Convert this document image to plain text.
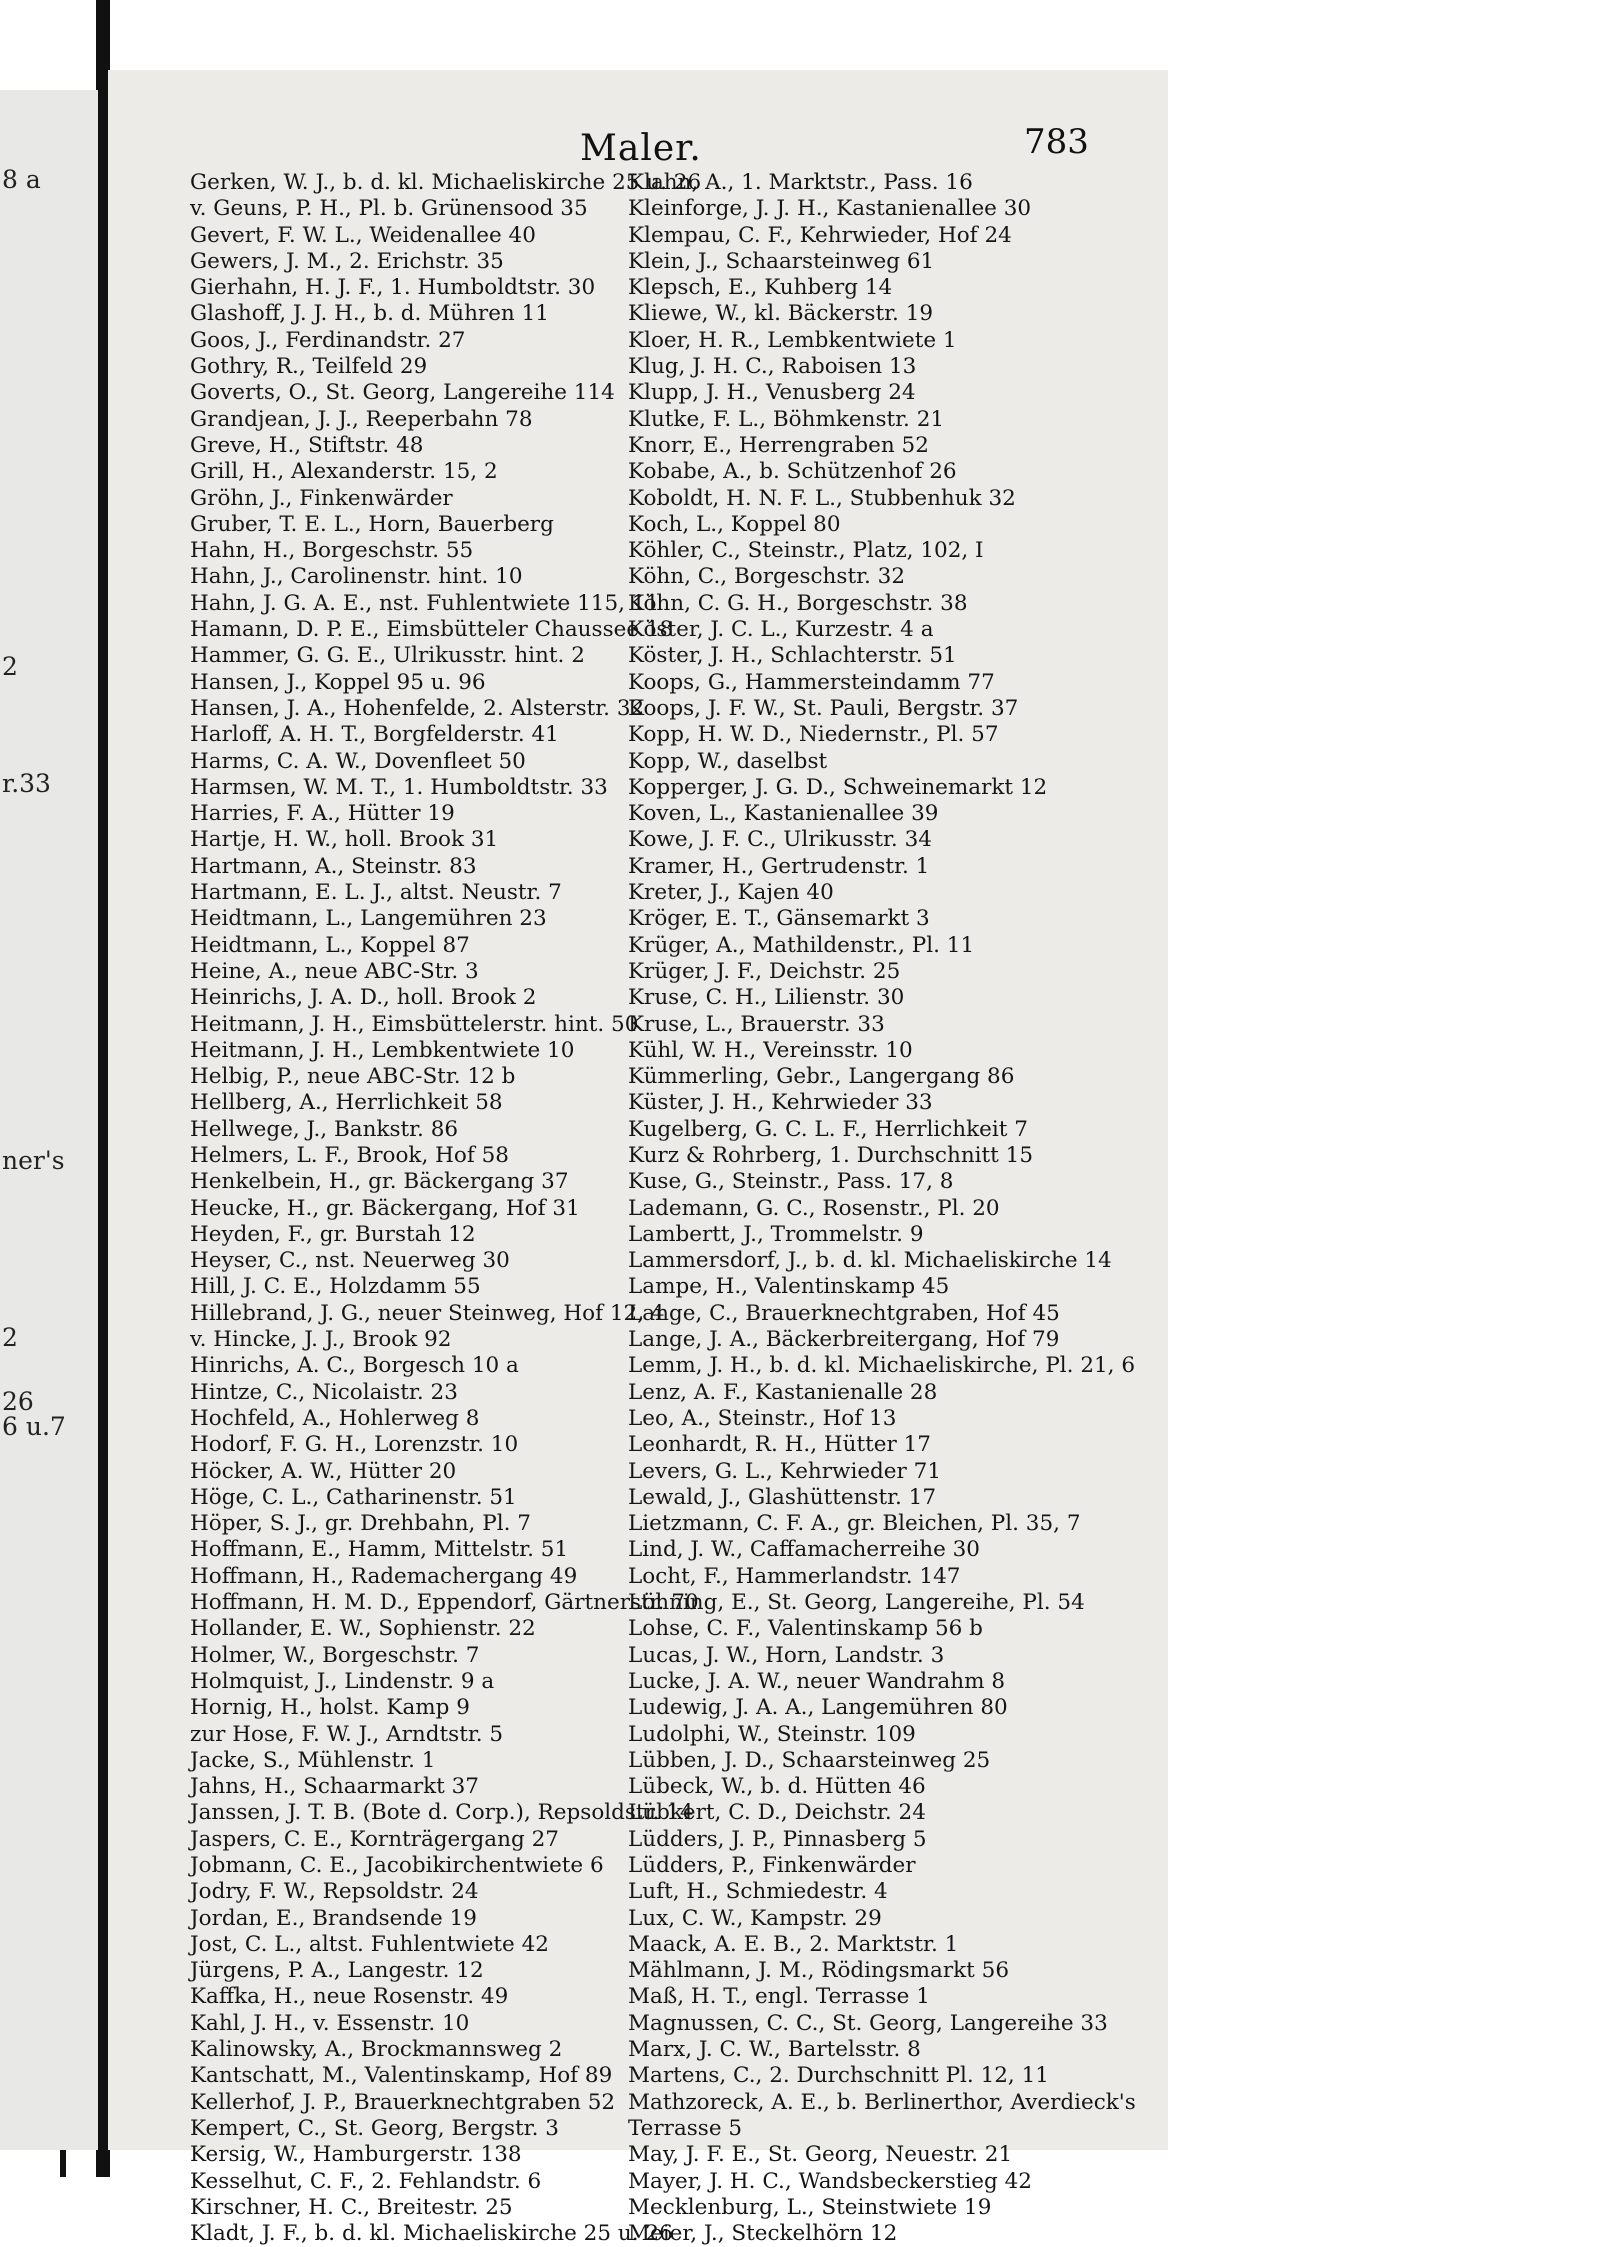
8 a
2
r.33
ner's
2
26
6 u.7
Maler.	783
Gerken, W. J., b. d. kl. Michaeliskirche 25 u. 26
v. Geuns, P. H., Pl. b. Grünensood 35
Gevert, F. W. L., Weidenallee 40
Gewers, J. M., 2. Erichstr. 35
Gierhahn, H. J. F., 1. Humboldtstr. 30
Glashoff, J. J. H., b. d. Mühren 11
Goos, J., Ferdinandstr. 27
Gothry, R., Teilfeld 29
Goverts, O., St. Georg, Langereihe 114
Grandjean, J. J., Reeperbahn 78
Greve, H., Stiftstr. 48
Grill, H., Alexanderstr. 15, 2
Gröhn, J., Finkenwärder
Gruber, T. E. L., Horn, Bauerberg
Hahn, H., Borgeschstr. 55
Hahn, J., Carolinenstr. hint. 10
Hahn, J. G. A. E., nst. Fuhlentwiete 115, 11
Hamann, D. P. E., Eimsbütteler Chaussee 18
Hammer, G. G. E., Ulrikusstr. hint. 2
Hansen, J., Koppel 95 u. 96
Hansen, J. A., Hohenfelde, 2. Alsterstr. 32
Harloff, A. H. T., Borgfelderstr. 41
Harms, C. A. W., Dovenfleet 50
Harmsen, W. M. T., 1. Humboldtstr. 33
Harries, F. A., Hütter 19
Hartje, H. W., holl. Brook 31
Hartmann, A., Steinstr. 83
Hartmann, E. L. J., altst. Neustr. 7
Heidtmann, L., Langemühren 23
Heidtmann, L., Koppel 87
Heine, A., neue ABC-Str. 3
Heinrichs, J. A. D., holl. Brook 2
Heitmann, J. H., Eimsbüttelerstr. hint. 50
Heitmann, J. H., Lembkentwiete 10
Helbig, P., neue ABC-Str. 12 b
Hellberg, A., Herrlichkeit 58
Hellwege, J., Bankstr. 86
Helmers, L. F., Brook, Hof 58
Henkelbein, H., gr. Bäckergang 37
Heucke, H., gr. Bäckergang, Hof 31
Heyden, F., gr. Burstah 12
Heyser, C., nst. Neuerweg 30
Hill, J. C. E., Holzdamm 55
Hillebrand, J. G., neuer Steinweg, Hof 12, 4
v. Hincke, J. J., Brook 92
Hinrichs, A. C., Borgesch 10 a
Hintze, C., Nicolaistr. 23
Hochfeld, A., Hohlerweg 8
Hodorf, F. G. H., Lorenzstr. 10
Höcker, A. W., Hütter 20
Höge, C. L., Catharinenstr. 51
Höper, S. J., gr. Drehbahn, Pl. 7
Hoffmann, E., Hamm, Mittelstr. 51
Hoffmann, H., Rademachergang 49
Hoffmann, H. M. D., Eppendorf, Gärtnerstr. 70
Hollander, E. W., Sophienstr. 22
Holmer, W., Borgeschstr. 7
Holmquist, J., Lindenstr. 9 a
Hornig, H., holst. Kamp 9
zur Hose, F. W. J., Arndtstr. 5
Jacke, S., Mühlenstr. 1
Jahns, H., Schaarmarkt 37
Janssen, J. T. B. (Bote d. Corp.), Repsoldstr. 14
Jaspers, C. E., Kornträgergang 27
Jobmann, C. E., Jacobikirchentwiete 6
Jodry, F. W., Repsoldstr. 24
Jordan, E., Brandsende 19
Jost, C. L., altst. Fuhlentwiete 42
Jürgens, P. A., Langestr. 12
Kaffka, H., neue Rosenstr. 49
Kahl, J. H., v. Essenstr. 10
Kalinowsky, A., Brockmannsweg 2
Kantschatt, M., Valentinskamp, Hof 89
Kellerhof, J. P., Brauerknechtgraben 52
Kempert, C., St. Georg, Bergstr. 3
Kersig, W., Hamburgerstr. 138
Kesselhut, C. F., 2. Fehlandstr. 6
Kirschner, H. C., Breitestr. 25
Kladt, J. F., b. d. kl. Michaeliskirche 25 u. 26
Klahn, A., 1. Marktstr., Pass. 16
Kleinforge, J. J. H., Kastanienallee 30
Klempau, C. F., Kehrwieder, Hof 24
Klein, J., Schaarsteinweg 61
Klepsch, E., Kuhberg 14
Kliewe, W., kl. Bäckerstr. 19
Kloer, H. R., Lembkentwiete 1
Klug, J. H. C., Raboisen 13
Klupp, J. H., Venusberg 24
Klutke, F. L., Böhmkenstr. 21
Knorr, E., Herrengraben 52
Kobabe, A., b. Schützenhof 26
Koboldt, H. N. F. L., Stubbenhuk 32
Koch, L., Koppel 80
Köhler, C., Steinstr., Platz, 102, I
Köhn, C., Borgeschstr. 32
Köhn, C. G. H., Borgeschstr. 38
Köster, J. C. L., Kurzestr. 4 a
Köster, J. H., Schlachterstr. 51
Koops, G., Hammersteindamm 77
Koops, J. F. W., St. Pauli, Bergstr. 37
Kopp, H. W. D., Niedernstr., Pl. 57
Kopp, W., daselbst
Kopperger, J. G. D., Schweinemarkt 12
Koven, L., Kastanienallee 39
Kowe, J. F. C., Ulrikusstr. 34
Kramer, H., Gertrudenstr. 1
Kreter, J., Kajen 40
Kröger, E. T., Gänsemarkt 3
Krüger, A., Mathildenstr., Pl. 11
Krüger, J. F., Deichstr. 25
Kruse, C. H., Lilienstr. 30
Kruse, L., Brauerstr. 33
Kühl, W. H., Vereinsstr. 10
Kümmerling, Gebr., Langergang 86
Küster, J. H., Kehrwieder 33
Kugelberg, G. C. L. F., Herrlichkeit 7
Kurz & Rohrberg, 1. Durchschnitt 15
Kuse, G., Steinstr., Pass. 17, 8
Lademann, G. C., Rosenstr., Pl. 20
Lambertt, J., Trommelstr. 9
Lammersdorf, J., b. d. kl. Michaeliskirche 14
Lampe, H., Valentinskamp 45
Lange, C., Brauerknechtgraben, Hof 45
Lange, J. A., Bäckerbreitergang, Hof 79
Lemm, J. H., b. d. kl. Michaeliskirche, Pl. 21, 6
Lenz, A. F., Kastanienalle 28
Leo, A., Steinstr., Hof 13
Leonhardt, R. H., Hütter 17
Levers, G. L., Kehrwieder 71
Lewald, J., Glashüttenstr. 17
Lietzmann, C. F. A., gr. Bleichen, Pl. 35, 7
Lind, J. W., Caffamacherreihe 30
Locht, F., Hammerlandstr. 147
Löhning, E., St. Georg, Langereihe, Pl. 54
Lohse, C. F., Valentinskamp 56 b
Lucas, J. W., Horn, Landstr. 3
Lucke, J. A. W., neuer Wandrahm 8
Ludewig, J. A. A., Langemühren 80
Ludolphi, W., Steinstr. 109
Lübben, J. D., Schaarsteinweg 25
Lübeck, W., b. d. Hütten 46
Lübkert, C. D., Deichstr. 24
Lüdders, J. P., Pinnasberg 5
Lüdders, P., Finkenwärder
Luft, H., Schmiedestr. 4
Lux, C. W., Kampstr. 29
Maack, A. E. B., 2. Marktstr. 1
Mählmann, J. M., Rödingsmarkt 56
Maß, H. T., engl. Terrasse 1
Magnussen, C. C., St. Georg, Langereihe 33
Marx, J. C. W., Bartelsstr. 8
Martens, C., 2. Durchschnitt Pl. 12, 11
Mathzoreck, A. E., b. Berlinerthor, Averdieck's
Terrasse 5
May, J. F. E., St. Georg, Neuestr. 21
Mayer, J. H. C., Wandsbeckerstieg 42
Mecklenburg, L., Steinstwiete 19
Meier, J., Steckelhörn 12
